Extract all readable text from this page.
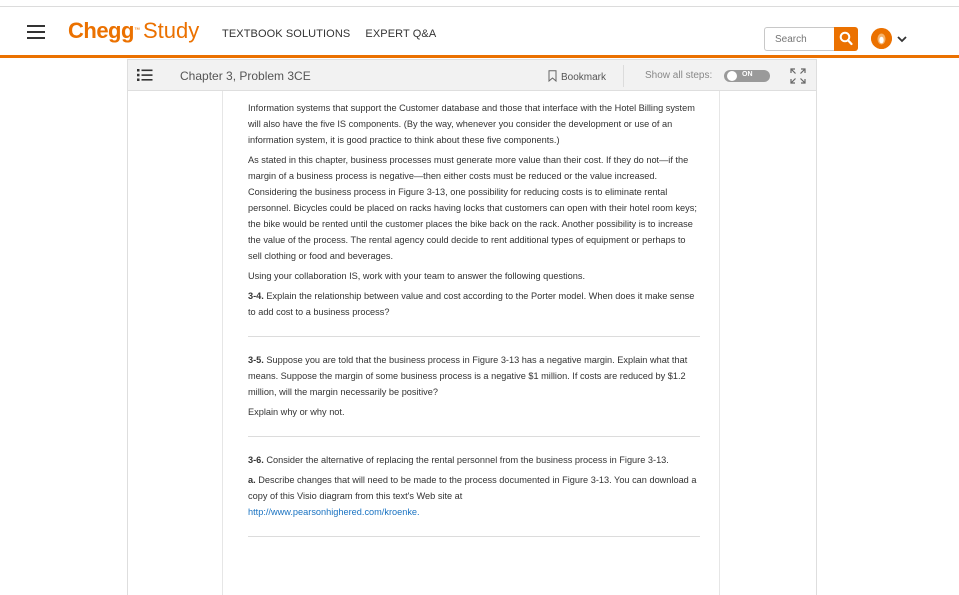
Chegg™ Study TEXTBOOK SOLUTIONS EXPERT Q&A
Search
Chapter 3, Problem 3CE	Bookmark	Show all steps:	ON

Information systems that support the Customer database and those that interface with the Hotel Billing system will also have the five IS components. (By the way, whenever you consider the development or use of an information system, it is good practice to think about these five components.)

As stated in this chapter, business processes must generate more value than their cost. If they do not—if the margin of a business process is negative—then either costs must be reduced or the value increased. Considering the business process in Figure 3-13, one possibility for reducing costs is to eliminate rental personnel. Bicycles could be placed on racks having locks that customers can open with their hotel room keys; the bike would be rented until the customer places the bike back on the rack. Another possibility is to increase the value of the process. The rental agency could decide to rent additional types of equipment or perhaps to sell clothing or food and beverages.

Using your collaboration IS, work with your team to answer the following questions.

3-4. Explain the relationship between value and cost according to the Porter model. When does it make sense to add cost to a business process?

3-5. Suppose you are told that the business process in Figure 3-13 has a negative margin. Explain what that means. Suppose the margin of some business process is a negative $1 million. If costs are reduced by $1.2 million, will the margin necessarily be positive?

Explain why or why not.

3-6. Consider the alternative of replacing the rental personnel from the business process in Figure 3-13.

a. Describe changes that will need to be made to the process documented in Figure 3-13. You can download a copy of this Visio diagram from this text's Web site at
http://www.pearsonhighered.com/kroenke.
